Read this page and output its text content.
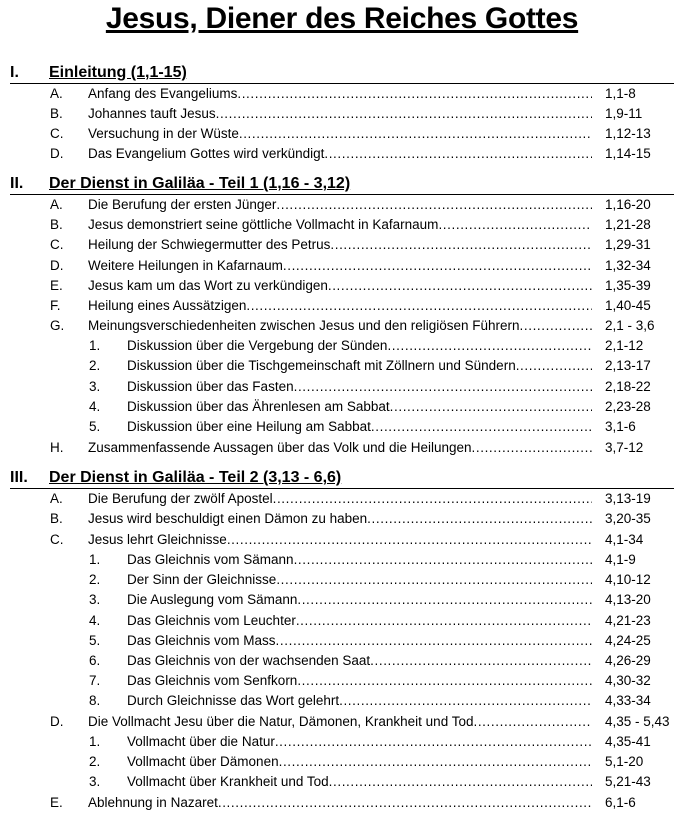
Jesus, Diener des Reiches Gottes
I. Einleitung (1,1-15)
A. Anfang des Evangeliums .....	1,1-8
B. Johannes tauft Jesus .....	1,9-11
C. Versuchung in der Wüste .....	1,12-13
D. Das Evangelium Gottes wird verkündigt .....	1,14-15
II. Der Dienst in Galiläa - Teil 1 (1,16 - 3,12)
A. Die Berufung der ersten Jünger .....	1,16-20
B. Jesus demonstriert seine göttliche Vollmacht in Kafarnaum .....	1,21-28
C. Heilung der Schwiegermutter des Petrus .....	1,29-31
D. Weitere Heilungen in Kafarnaum .....	1,32-34
E. Jesus kam um das Wort zu verkündigen .....	1,35-39
F. Heilung eines Aussätzigen .....	1,40-45
G. Meinungsverschiedenheiten zwischen Jesus und den religiösen Führern .....	2,1 - 3,6
1. Diskussion über die Vergebung der Sünden .....	2,1-12
2. Diskussion über die Tischgemeinschaft mit Zöllnern und Sündern .....	2,13-17
3. Diskussion über das Fasten .....	2,18-22
4. Diskussion über das Ährenlesen am Sabbat .....	2,23-28
5. Diskussion über eine Heilung am Sabbat .....	3,1-6
H. Zusammenfassende Aussagen über das Volk und die Heilungen .....	3,7-12
III. Der Dienst in Galiläa - Teil 2 (3,13 - 6,6)
A. Die Berufung der zwölf Apostel .....	3,13-19
B. Jesus wird beschuldigt einen Dämon zu haben .....	3,20-35
C. Jesus lehrt Gleichnisse .....	4,1-34
1. Das Gleichnis vom Sämann .....	4,1-9
2. Der Sinn der Gleichnisse .....	4,10-12
3. Die Auslegung vom Sämann .....	4,13-20
4. Das Gleichnis vom Leuchter .....	4,21-23
5. Das Gleichnis vom Mass .....	4,24-25
6. Das Gleichnis von der wachsenden Saat .....	4,26-29
7. Das Gleichnis vom Senfkorn .....	4,30-32
8. Durch Gleichnisse das Wort gelehrt .....	4,33-34
D. Die Vollmacht Jesu über die Natur, Dämonen, Krankheit und Tod .....	4,35 - 5,43
1. Vollmacht über die Natur .....	4,35-41
2. Vollmacht über Dämonen .....	5,1-20
3. Vollmacht über Krankheit und Tod .....	5,21-43
E. Ablehnung in Nazaret .....	6,1-6
